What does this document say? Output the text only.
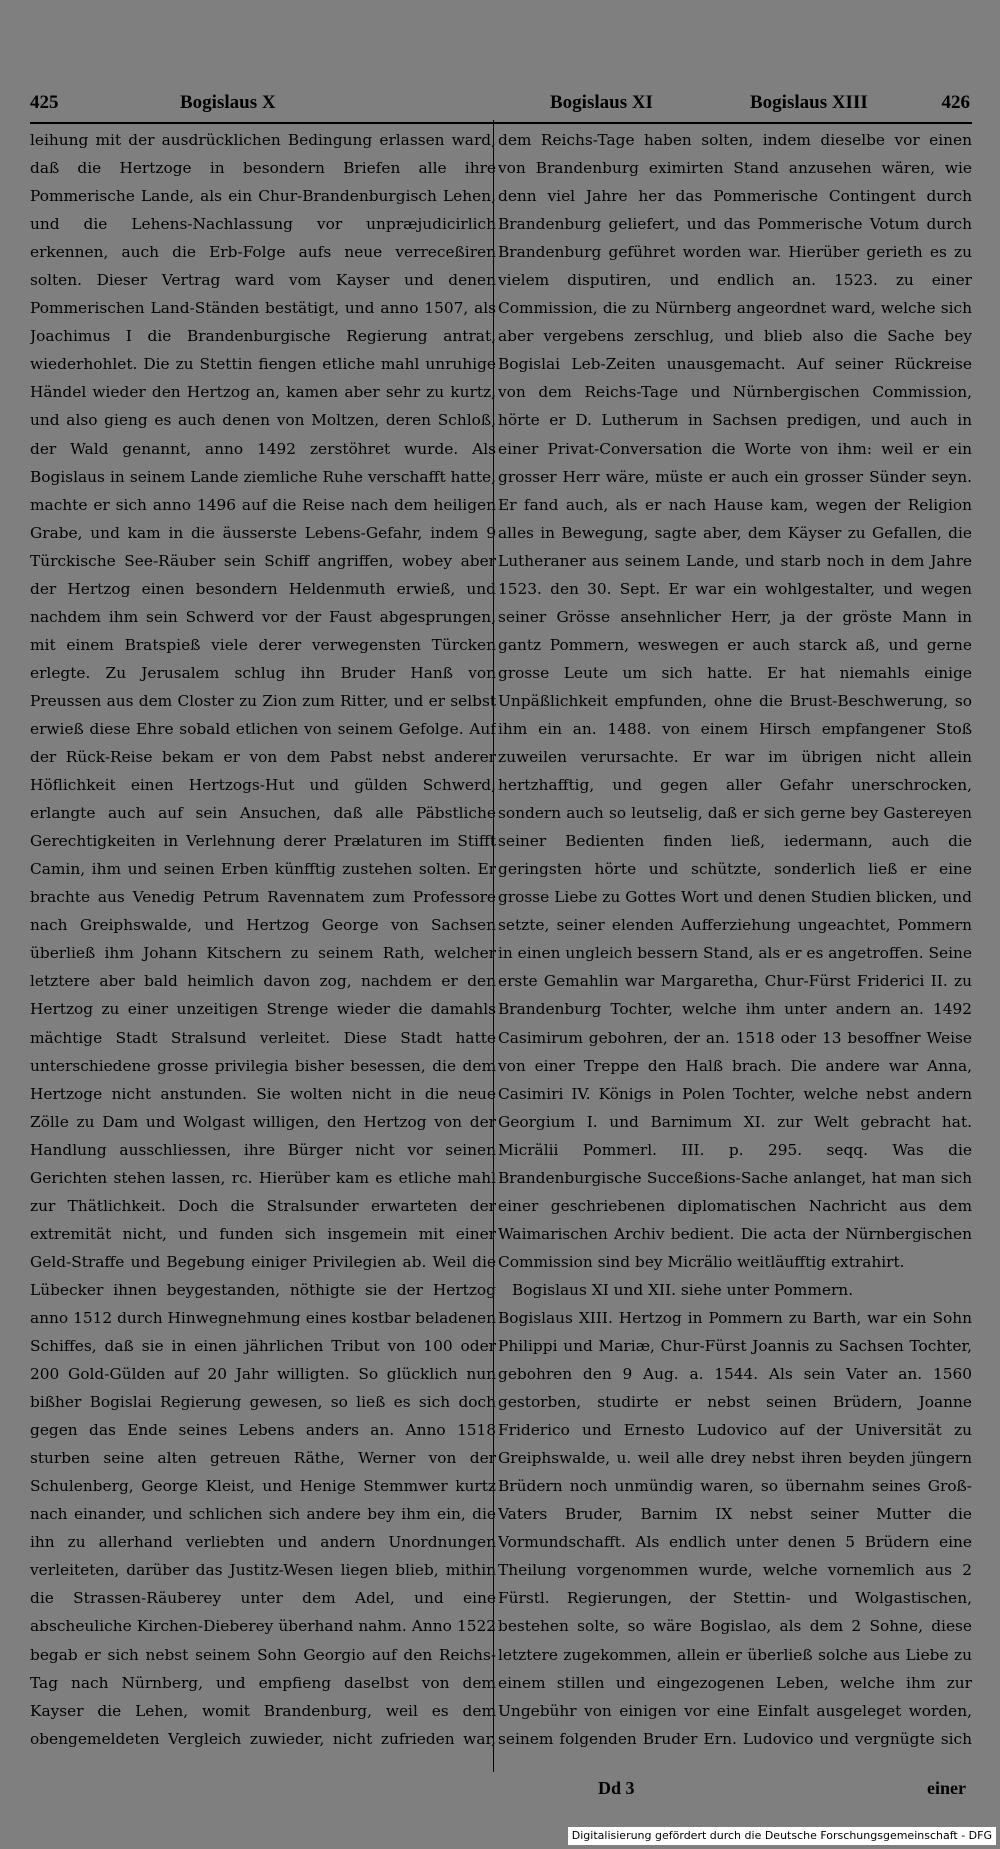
425	Bogislaus X	Bogislaus XI	Bogislaus XIII	426

leihung mit der ausdrücklichen Bedingung erlassen ward, daß die Hertzoge in besondern Briefen alle ihre Pommerische Lande, als ein Chur-Brandenburgisch Lehen, und die Lehens-Nachlassung vor unpræjudicirlich erkennen, auch die Erb-Folge aufs neue verreceßiren solten. Dieser Vertrag ward vom Kayser und denen Pommerischen Land-Ständen bestätigt, und anno 1507, als Joachimus I die Brandenburgische Regierung antrat, wiederhohlet. Die zu Stettin fiengen etliche mahl unruhige Händel wieder den Hertzog an, kamen aber sehr zu kurtz, und also gieng es auch denen von Moltzen, deren Schloß, der Wald genannt, anno 1492 zerstöhret wurde. Als Bogislaus in seinem Lande ziemliche Ruhe verschafft hatte, machte er sich anno 1496 auf die Reise nach dem heiligen Grabe, und kam in die äusserste Lebens-Gefahr, indem 9 Türckische See-Räuber sein Schiff angriffen, wobey aber der Hertzog einen besondern Heldenmuth erwieß, und nachdem ihm sein Schwerd vor der Faust abgesprungen, mit einem Bratspieß viele derer verwegensten Türcken erlegte. Zu Jerusalem schlug ihn Bruder Hanß von Preussen aus dem Closter zu Zion zum Ritter, und er selbst erwieß diese Ehre sobald etlichen von seinem Gefolge. Auf der Rück-Reise bekam er von dem Pabst nebst anderer Höflichkeit einen Hertzogs-Hut und gülden Schwerd, erlangte auch auf sein Ansuchen, daß alle Päbstliche Gerechtigkeiten in Verlehnung derer Prælaturen im Stifft Camin, ihm und seinen Erben künfftig zustehen solten. Er brachte aus Venedig Petrum Ravennatem zum Professore nach Greiphswalde, und Hertzog George von Sachsen überließ ihm Johann Kitschern zu seinem Rath, welcher letztere aber bald heimlich davon zog, nachdem er den Hertzog zu einer unzeitigen Strenge wieder die damahls mächtige Stadt Stralsund verleitet. Diese Stadt hatte unterschiedene grosse privilegia bisher besessen, die dem Hertzoge nicht anstunden. Sie wolten nicht in die neue Zölle zu Dam und Wolgast willigen, den Hertzog von der Handlung ausschliessen, ihre Bürger nicht vor seinen Gerichten stehen lassen, rc. Hierüber kam es etliche mahl zur Thätlichkeit. Doch die Stralsunder erwarteten der extremität nicht, und funden sich insgemein mit einer Geld-Straffe und Begebung einiger Privilegien ab. Weil die Lübecker ihnen beygestanden, nöthigte sie der Hertzog anno 1512 durch Hinwegnehmung eines kostbar beladenen Schiffes, daß sie in einen jährlichen Tribut von 100 oder 200 Gold-Gülden auf 20 Jahr willigten. So glücklich nun bißher Bogislai Regierung gewesen, so ließ es sich doch gegen das Ende seines Lebens anders an. Anno 1518 sturben seine alten getreuen Räthe, Werner von der Schulenberg, George Kleist, und Henige Stemmwer kurtz nach einander, und schlichen sich andere bey ihm ein, die ihn zu allerhand verliebten und andern Unordnungen verleiteten, darüber das Justitz-Wesen liegen blieb, mithin die Strassen-Räuberey unter dem Adel, und eine abscheuliche Kirchen-Dieberey überhand nahm. Anno 1522 begab er sich nebst seinem Sohn Georgio auf den Reichs-Tag nach Nürnberg, und empfieng daselbst von dem Kayser die Lehen, womit Brandenburg, weil es dem obengemeldeten Vergleich zuwieder, nicht zufrieden war,

dem Reichs-Tage haben solten, indem dieselbe vor einen von Brandenburg eximirten Stand anzusehen wären, wie denn viel Jahre her das Pommerische Contingent durch Brandenburg geliefert, und das Pommerische Votum durch Brandenburg geführet worden war. Hierüber gerieth es zu vielem disputiren, und endlich an. 1523. zu einer Commission, die zu Nürnberg angeordnet ward, welche sich aber vergebens zerschlug, und blieb also die Sache bey Bogislai Leb-Zeiten unausgemacht. Auf seiner Rückreise von dem Reichs-Tage und Nürnbergischen Commission, hörte er D. Lutherum in Sachsen predigen, und auch in einer Privat-Conversation die Worte von ihm: weil er ein grosser Herr wäre, müste er auch ein grosser Sünder seyn. Er fand auch, als er nach Hause kam, wegen der Religion alles in Bewegung, sagte aber, dem Käyser zu Gefallen, die Lutheraner aus seinem Lande, und starb noch in dem Jahre 1523. den 30. Sept. Er war ein wohlgestalter, und wegen seiner Grösse ansehnlicher Herr, ja der gröste Mann in gantz Pommern, weswegen er auch starck aß, und gerne grosse Leute um sich hatte. Er hat niemahls einige Unpäßlichkeit empfunden, ohne die Brust-Beschwerung, so ihm ein an. 1488. von einem Hirsch empfangener Stoß zuweilen verursachte. Er war im übrigen nicht allein hertzhafftig, und gegen aller Gefahr unerschrocken, sondern auch so leutselig, daß er sich gerne bey Gastereyen seiner Bedienten finden ließ, iedermann, auch die geringsten hörte und schützte, sonderlich ließ er eine grosse Liebe zu Gottes Wort und denen Studien blicken, und setzte, seiner elenden Aufferziehung ungeachtet, Pommern in einen ungleich bessern Stand, als er es angetroffen. Seine erste Gemahlin war Margaretha, Chur-Fürst Friderici II. zu Brandenburg Tochter, welche ihm unter andern an. 1492 Casimirum gebohren, der an. 1518 oder 13 besoffner Weise von einer Treppe den Halß brach. Die andere war Anna, Casimiri IV. Königs in Polen Tochter, welche nebst andern Georgium I. und Barnimum XI. zur Welt gebracht hat. Micrälii Pommerl. III. p. 295. seqq. Was die Brandenburgische Succeßions-Sache anlanget, hat man sich einer geschriebenen diplomatischen Nachricht aus dem Waimarischen Archiv bedient. Die acta der Nürnbergischen Commission sind bey Micrälio weitläufftig extrahirt.

Bogislaus XI und XII. siehe unter Pommern.

Bogislaus XIII. Hertzog in Pommern zu Barth, war ein Sohn Philippi und Mariæ, Chur-Fürst Joannis zu Sachsen Tochter, gebohren den 9 Aug. a. 1544. Als sein Vater an. 1560 gestorben, studirte er nebst seinen Brüdern, Joanne Friderico und Ernesto Ludovico auf der Universität zu Greiphswalde, u. weil alle drey nebst ihren beyden jüngern Brüdern noch unmündig waren, so übernahm seines Groß-Vaters Bruder, Barnim IX nebst seiner Mutter die Vormundschafft. Als endlich unter denen 5 Brüdern eine Theilung vorgenommen wurde, welche vornemlich aus 2 Fürstl. Regierungen, der Stettin- und Wolgastischen, bestehen solte, so wäre Bogislao, als dem 2 Sohne, diese letztere zugekommen, allein er überließ solche aus Liebe zu einem stillen und eingezogenen Leben, welche ihm zur Ungebühr von einigen vor eine Einfalt ausgeleget worden, seinem folgenden Bruder Ern. Ludovico und vergnügte sich

Dd 3	einer
Digitalisierung gefördert durch die Deutsche Forschungsgemeinschaft - DFG
